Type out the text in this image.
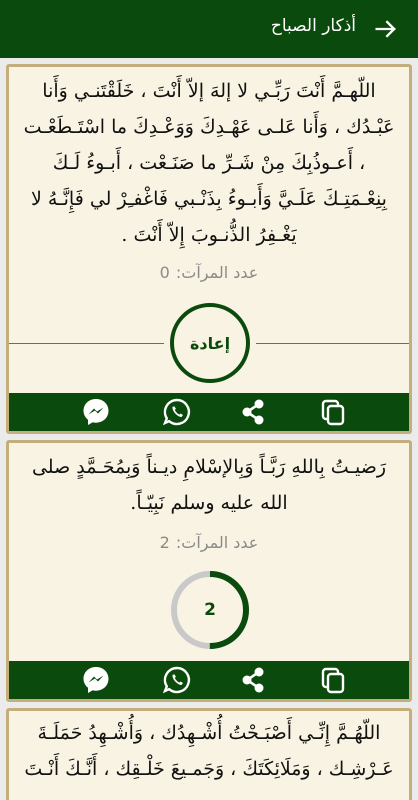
أذكار الصباح
اللّهـمَّ أَنْتَ رَبِّـي لا إلهَ إلاّ أَنْتَ ، خَلَقْتَنـي وَأَنا عَبْـدُك ، وَأَنا عَلـى عَهْـدِكَ وَوَعْـدِكَ ما اسْتَـطَعْـت ، أَعـوذُبِكَ مِنْ شَـرِّ ما صَنَـعْت ، أَبـوءُ لَـكَ بِنِعْـمَتِـكَ عَلَـيَّ وَأَبـوءُ بِذَنْـبي فَاغْفـِرْ لي فَإِنَّـهُ لا يَغْـفِرُ الذُّنـوبَ إِلاّ أَنْتَ .
عدد المرآت:0
إعادة
رَضيـتُ بِاللهِ رَبَّـاً وَبِالإسْلامِ ديـناً وَبِمُحَـمَّدٍ صلى الله عليه وسلم نَبِيّـاً.
عدد المرآت:2
2
اللّهُـمَّ إِنِّـي أَصْبَـحْتُ أُشْـهِدُك ، وَأُشْـهِدُ حَمَلَـةَ عَـرْشِـك ، وَمَلَائِكَتَكَ ، وَجَمـيعَ خَلْـقِك ، أَنَّـكَ أَنْـتَ
